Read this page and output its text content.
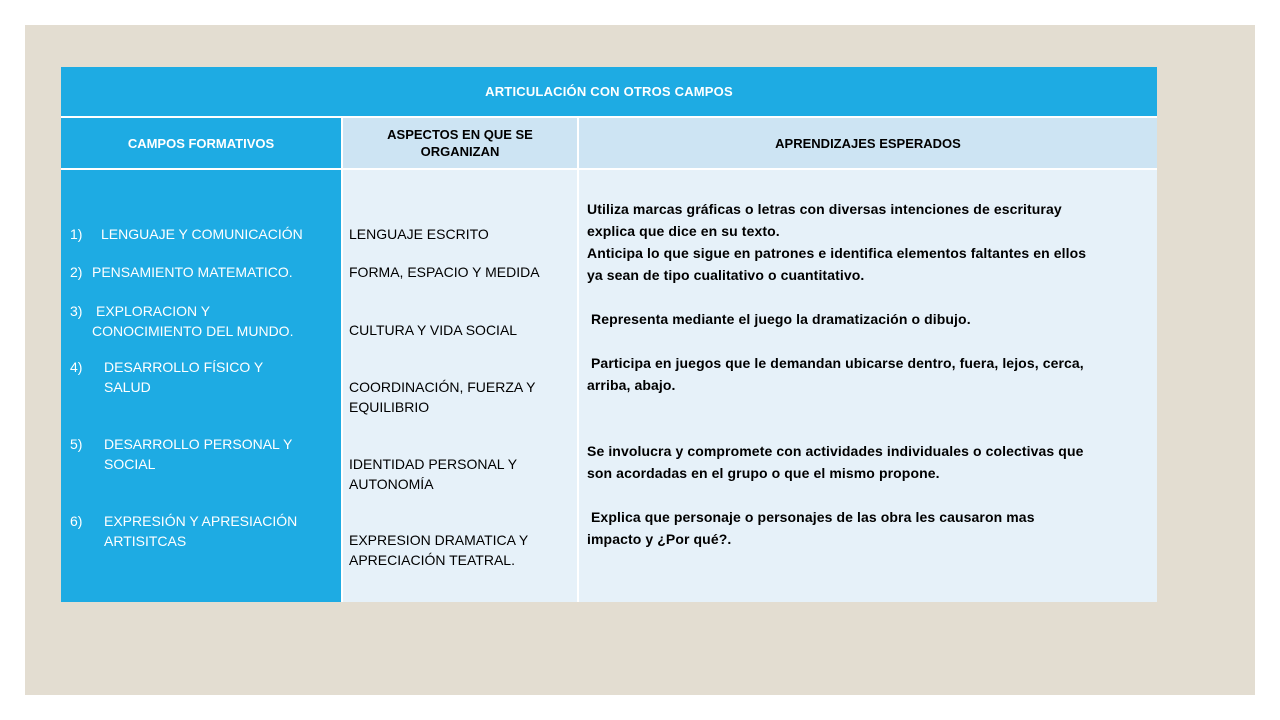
ARTICULACIÓN CON OTROS CAMPOS
CAMPOS FORMATIVOS
ASPECTOS EN QUE SE ORGANIZAN
APRENDIZAJES ESPERADOS
1) LENGUAJE Y COMUNICACIÓN
2) PENSAMIENTO MATEMATICO.
3) EXPLORACION Y
CONOCIMIENTO DEL MUNDO.
4) DESARROLLO FÍSICO Y
SALUD
5) DESARROLLO PERSONAL Y
SOCIAL
6) EXPRESIÓN Y APRESIACIÓN
ARTISITCAS
LENGUAJE ESCRITO
FORMA, ESPACIO Y MEDIDA
CULTURA Y VIDA SOCIAL
COORDINACIÓN, FUERZA Y
EQUILIBRIO
IDENTIDAD PERSONAL Y
AUTONOMÍA
EXPRESION DRAMATICA Y
APRECIACIÓN TEATRAL.
Utiliza marcas gráficas o letras con diversas intenciones de escrituray
explica que dice en su texto.
Anticipa lo que sigue en patrones e identifica elementos faltantes en ellos
ya sean de tipo cualitativo o cuantitativo.
Representa mediante el juego la dramatización o dibujo.
Participa en juegos que le demandan ubicarse dentro, fuera, lejos, cerca,
arriba, abajo.
Se involucra y compromete con actividades individuales o colectivas que
son acordadas en el grupo o que el mismo propone.
Explica que personaje o personajes de las obra les causaron mas
impacto y ¿Por qué?.
